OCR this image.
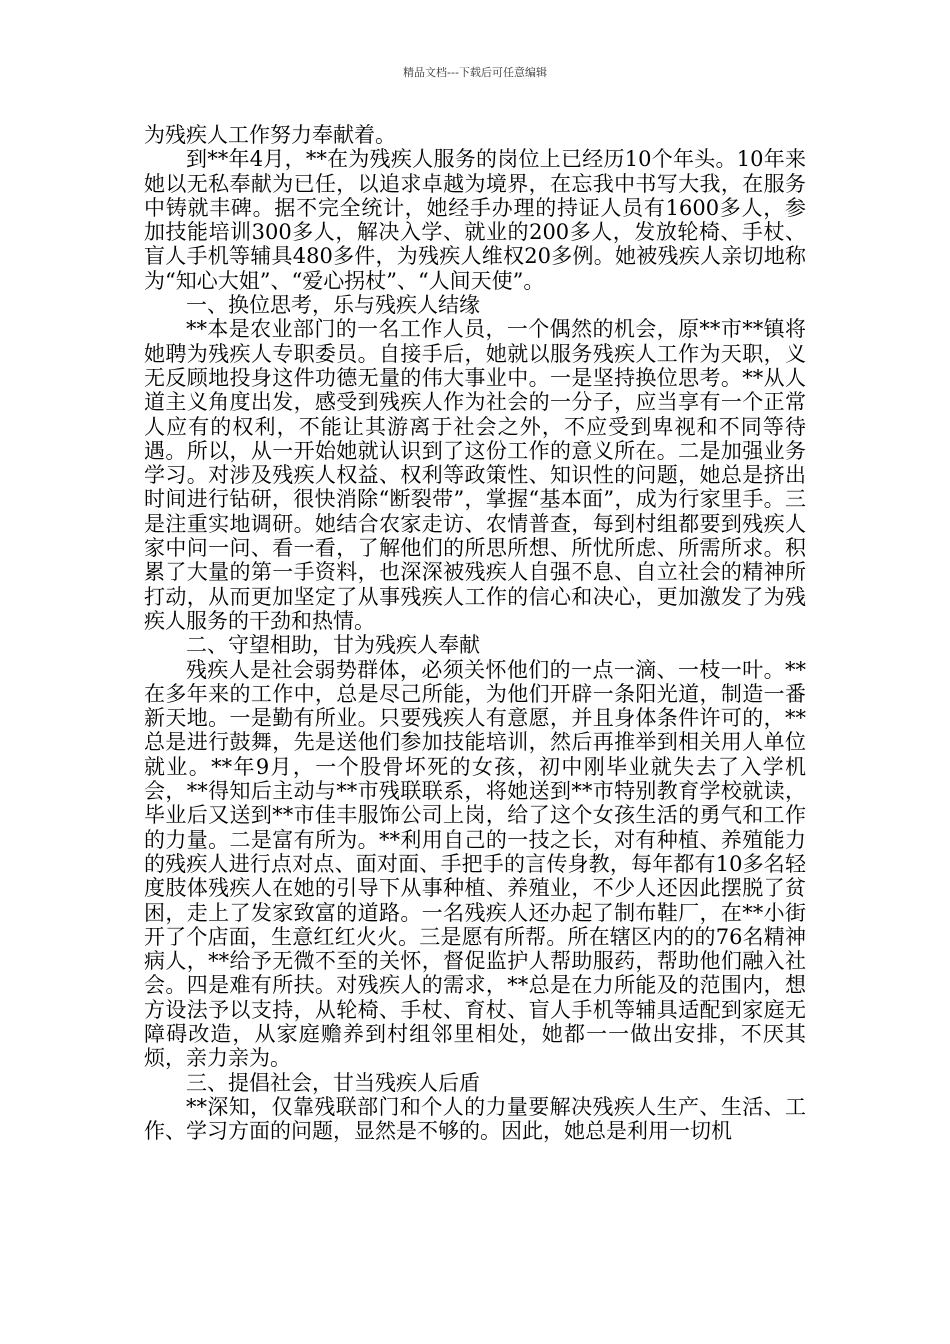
精品文档---下载后可任意编辑

为残疾人工作努力奉献着。

到**年4月，**在为残疾人服务的岗位上已经历10个年头。10年来她以无私奉献为已任，以追求卓越为境界，在忘我中书写大我，在服务中铸就丰碑。据不完全统计，她经手办理的持证人员有1600多人，参加技能培训300多人，解决入学、就业的200多人，发放轮椅、手杖、盲人手机等辅具480多件，为残疾人维权20多例。她被残疾人亲切地称为“知心大姐”、“爱心拐杖”、“人间天使”。

一、换位思考，乐与残疾人结缘

**本是农业部门的一名工作人员，一个偶然的机会，原**市**镇将她聘为残疾人专职委员。自接手后，她就以服务残疾人工作为天职，义无反顾地投身这件功德无量的伟大事业中。一是坚持换位思考。**从人道主义角度出发，感受到残疾人作为社会的一分子，应当享有一个正常人应有的权利，不能让其游离于社会之外，不应受到卑视和不同等待遇。所以，从一开始她就认识到了这份工作的意义所在。二是加强业务学习。对涉及残疾人权益、权利等政策性、知识性的问题，她总是挤出时间进行钻研，很快消除“断裂带”，掌握“基本面”，成为行家里手。三是注重实地调研。她结合农家走访、农情普查，每到村组都要到残疾人家中问一问、看一看，了解他们的所思所想、所忧所虑、所需所求。积累了大量的第一手资料，也深深被残疾人自强不息、自立社会的精神所打动，从而更加坚定了从事残疾人工作的信心和决心，更加激发了为残疾人服务的干劲和热情。

二、守望相助，甘为残疾人奉献

残疾人是社会弱势群体，必须关怀他们的一点一滴、一枝一叶。**在多年来的工作中，总是尽己所能，为他们开辟一条阳光道，制造一番新天地。一是勤有所业。只要残疾人有意愿，并且身体条件许可的，**总是进行鼓舞，先是送他们参加技能培训，然后再推举到相关用人单位就业。**年9月，一个股骨坏死的女孩，初中刚毕业就失去了入学机会，**得知后主动与**市残联联系，将她送到**市特别教育学校就读，毕业后又送到**市佳丰服饰公司上岗，给了这个女孩生活的勇气和工作的力量。二是富有所为。**利用自己的一技之长，对有种植、养殖能力的残疾人进行点对点、面对面、手把手的言传身教，每年都有10多名轻度肢体残疾人在她的引导下从事种植、养殖业，不少人还因此摆脱了贫困，走上了发家致富的道路。一名残疾人还办起了制布鞋厂，在**小街开了个店面，生意红红火火。三是愿有所帮。所在辖区内的的76名精神病人，**给予无微不至的关怀，督促监护人帮助服药，帮助他们融入社会。四是难有所扶。对残疾人的需求，**总是在力所能及的范围内，想方设法予以支持，从轮椅、手杖、育杖、盲人手机等辅具适配到家庭无障碍改造，从家庭赡养到村组邻里相处，她都一一做出安排，不厌其烦，亲力亲为。

三、提倡社会，甘当残疾人后盾

**深知，仅靠残联部门和个人的力量要解决残疾人生产、生活、工作、学习方面的问题，显然是不够的。因此，她总是利用一切机
